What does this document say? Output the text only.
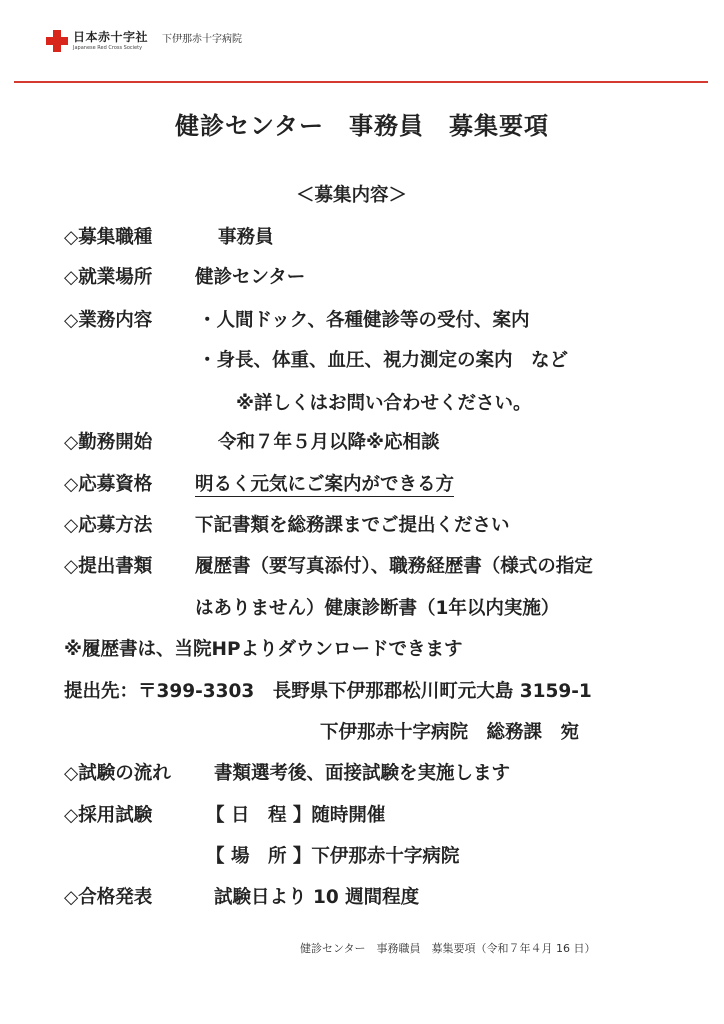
日本赤十字社
Japanese Red Cross Society
下伊那赤十字病院
健診センター　事務員　募集要項
＜募集内容＞
◇募集職種	事務員
◇就業場所 健診センター
◇業務内容 ・人間ドック、各種健診等の受付、案内
・身長、体重、血圧、視力測定の案内　など
※詳しくはお問い合わせください。
◇勤務開始	令和７年５月以降※応相談
◇応募資格 明るく元気にご案内ができる方
◇応募方法 下記書類を総務課までご提出ください
◇提出書類 履歴書（要写真添付）、職務経歴書（様式の指定
はありません）健康診断書（1年以内実施）
※履歴書は、当院HPよりダウンロードできます
提出先：〒399-3303　長野県下伊那郡松川町元大島 3159-1
下伊那赤十字病院　総務課　宛
◇試験の流れ 書類選考後、面接試験を実施します
◇採用試験	【 日　程 】随時開催
【 場　所 】下伊那赤十字病院
◇合格発表	試験日より 10 週間程度
健診センター　事務職員　募集要項（令和７年４月 16 日）
